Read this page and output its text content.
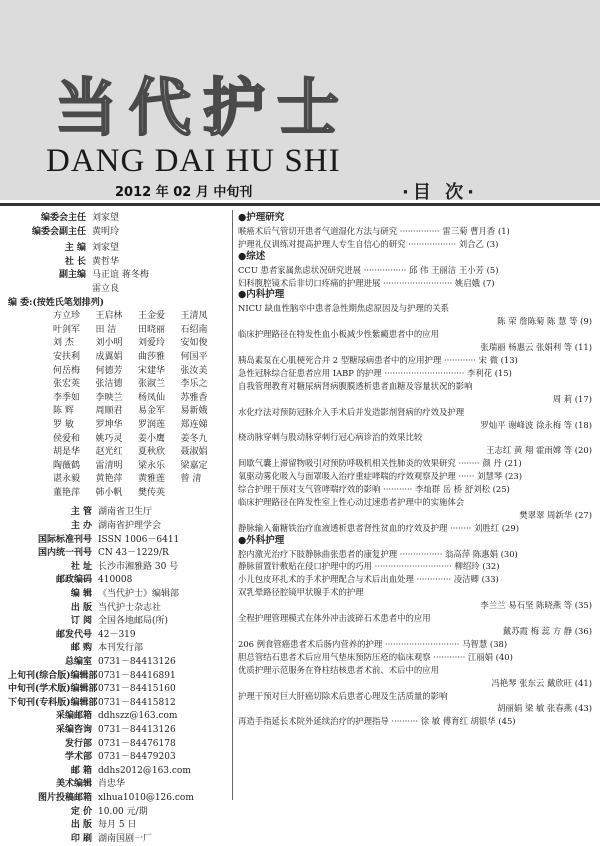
当代护士
DANG DAI HU SHI
2012 年 02 月 中旬刊	·目 次·
编委会主任 刘家望
编委会副主任 黄明玲
主 编 刘家望
社 长 黄哲华
副主编 马正谊 蒋冬梅
雷立良
编 委:(按姓氏笔划排列)
方立珍	王启林	王金爱	王清凤
叶剑军	田 洁	田晓丽	石绍南
刘 杰	刘小明	刘爱玲	安如俊
安扶利	成翼娟	曲莎雅	何国平
何岳梅	何德芳	宋建华	张汝美
张宏英	张洁德	张淑兰	李乐之
李季如	李映兰	杨凤仙	苏雅香
陈 辉	周顺君	易金军	易新娥
罗 敏	罗坤华	罗润莲	郑连娣
侯爱和	姚巧灵	姜小鹰	姜冬九
胡是华	赵光红	夏秋欣	聂淑娟
陶薇鹤	雷清明	梁永乐	梁嘉定
谌永毅	黄艳萍	黄雅莲	曾 清
董艳萍	韩小帆	樊传英
主 管 湖南省卫生厅
主 办 湖南省护理学会
国际标准刊号 ISSN 1006－6411
国内统一刊号 CN 43－1229/R
社 址 长沙市湘雅路 30 号
邮政编码 410008
编 辑 《当代护士》编辑部
出 版 当代护士杂志社
订 阅 全国各地邮局(所)
邮发代号 42－319
邮 购 本刊发行部
总编室 0731－84413126
上旬刊(综合版)编辑部0731－84416891
中旬刊(学术版)编辑部0731－84415160
下旬刊(专科版)编辑部0731－84415812
采编邮箱 ddhszz@163.com
采编咨询 0731－84413126
发行部 0731－84476178
学术部 0731－84479203
邮 箱 ddhs2012@163.com
美术编辑 肖忠华
图片投稿邮箱 xlhua1010@126.com
定 价 10.00 元/期
出 版 每月 5 日
印 刷 湖南国剧一厂
●护理研究
喉癌术后气管切开患者气道湿化方法与研究 ··············· 雷三菊 曹月香 (1)
护理礼仪训练对提高护理人专生自信心的研究 ·················· 刘合乙 (3)
●综述
CCU 患者家属焦虑状况研究进展 ················ 邱 伟 王丽洁 王小芳 (5)
妇科腹腔镜术后非切口疼痛的护理进展 ·························· 姚启娥 (7)
●内科护理
NICU 缺血性脑卒中患者急性期焦虑原因及与护理的关系
陈 荣 詹陈菊 陈 慧 等 (9)
临床护理路径在特发性血小板减少性紫癜患者中的应用
张瑞丽 杨惠云 张娟利 等 (11)
胰岛素泵在心肌梗死合并 2 型糖尿病患者中的应用护理 ············ 宋 微 (13)
急性冠脉综合征患者应用 IABP 的护理 ······························ 李利花 (15)
自我管理教育对糖尿病肾病腹膜透析患者血糖及容量状况的影响
周 莉 (17)
水化疗法对预防冠脉介入手术后并发造影剂肾病的疗效及护理
罗灿平 谢峰波 徐永梅 等 (18)
桡动脉穿刺与股动脉穿刺行冠心病诊治的效果比较
王志红 黄 翔 霍雨嫦 等 (20)
间歇气囊上滞留物吸引对预防呼吸机相关性肺炎的效果研究 ········ 颜 丹 (21)
氧驱动雾化吸入与面罩吸入治疗重症哮喘的疗效观察及护理 ······ 刘慧琴 (23)
综合护理干预对支气管哮喘疗效的影响 ··········· 李灿群 岳 桥 舒刘松 (25)
临床护理路径在阵发性室上性心动过速患者护理中的实施体会
樊翠翠 周新华 (27)
静脉输入葡糖铁治疗血液透析患者肾性贫血的疗效及护理 ········ 刘胜红 (29)
●外科护理
腔内激光治疗下肢静脉曲张患者的康复护理 ················ 翁高萍 陈惠娟 (30)
静脉留置针敷贴在侵口护理中的巧用 ····························· 柳绍玲 (32)
小儿包皮环扎术的手术护理配合与术后出血处理 ············· 凌洁卿 (33)
双乳晕路径腔镜甲状腺手术的护理
李兰兰 易石坚 陈晓燕 等 (35)
全程护理管理模式在体外冲击波碎石术患者中的应用
戴苏霞 梅 蕊 方 静 (36)
206 例食管癌患者术后肠内营养的护理 ···························· 马智慧 (38)
胆总管结石患者术后应用气垫床预防压疮的临床观察 ············ 江丽娟 (40)
优质护理示范服务在脊柱结核患者术前、术后中的应用
冯艳琴 张东云 戴欣旺 (41)
护理干预对巨大肝癌切除术后患者心理及生活质量的影响
胡丽娟 梁 敏 张春燕 (43)
再造手指延长术院外延续治疗的护理指导 ·········· 徐 敏 傅育红 胡银华 (45)
